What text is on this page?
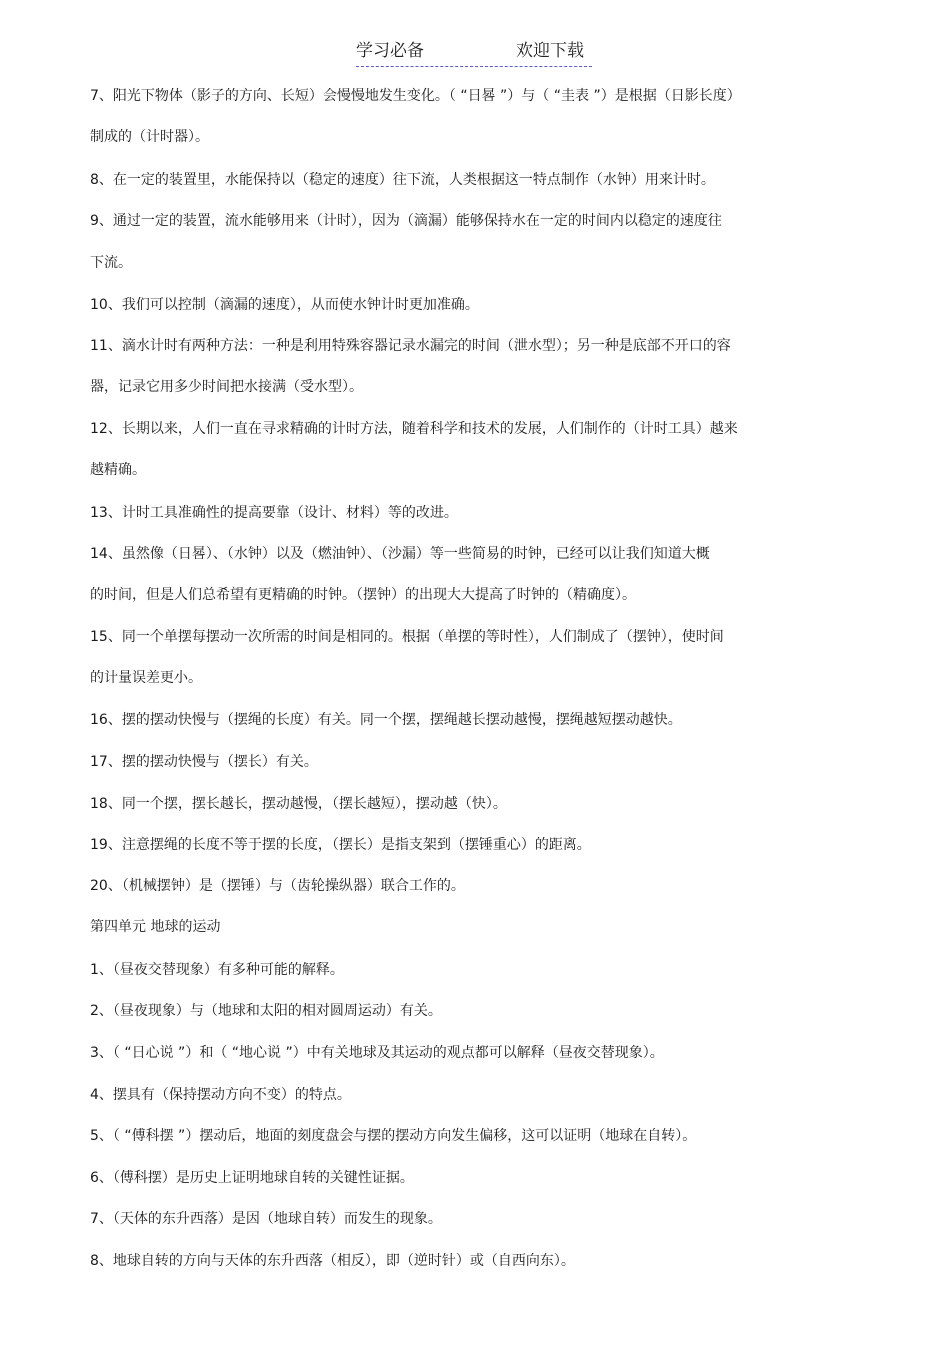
学习必备	欢迎下载

7、阳光下物体（影子的方向、长短）会慢慢地发生变化。（ “日晷 ”）与（ “圭表 ”）是根据（日影长度）

制成的（计时器）。

8、在一定的装置里，水能保持以（稳定的速度）往下流，人类根据这一特点制作（水钟）用来计时。

9、通过一定的装置，流水能够用来（计时），因为（滴漏）能够保持水在一定的时间内以稳定的速度往

下流。

10、我们可以控制（滴漏的速度），从而使水钟计时更加准确。

11、滴水计时有两种方法：一种是利用特殊容器记录水漏完的时间（泄水型）；另一种是底部不开口的容

器，记录它用多少时间把水接满（受水型）。

12、长期以来，人们一直在寻求精确的计时方法，随着科学和技术的发展，人们制作的（计时工具）越来

越精确。

13、计时工具准确性的提高要靠（设计、材料）等的改进。

14、虽然像（日晷）、（水钟）以及（燃油钟）、（沙漏）等一些简易的时钟，已经可以让我们知道大概

的时间，但是人们总希望有更精确的时钟。（摆钟）的出现大大提高了时钟的（精确度）。

15、同一个单摆每摆动一次所需的时间是相同的。根据（单摆的等时性），人们制成了（摆钟），使时间

的计量误差更小。

16、摆的摆动快慢与（摆绳的长度）有关。同一个摆，摆绳越长摆动越慢，摆绳越短摆动越快。

17、摆的摆动快慢与（摆长）有关。

18、同一个摆，摆长越长，摆动越慢，（摆长越短），摆动越（快）。

19、注意摆绳的长度不等于摆的长度，（摆长）是指支架到（摆锤重心）的距离。

20、（机械摆钟）是（摆锤）与（齿轮操纵器）联合工作的。

第四单元 地球的运动

1、（昼夜交替现象）有多种可能的解释。

2、（昼夜现象）与（地球和太阳的相对圆周运动）有关。

3、（ “日心说 ”）和（ “地心说 ”）中有关地球及其运动的观点都可以解释（昼夜交替现象）。

4、摆具有（保持摆动方向不变）的特点。

5、（ “傅科摆 ”）摆动后，地面的刻度盘会与摆的摆动方向发生偏移，这可以证明（地球在自转）。

6、（傅科摆）是历史上证明地球自转的关键性证据。

7、（天体的东升西落）是因（地球自转）而发生的现象。

8、地球自转的方向与天体的东升西落（相反），即（逆时针）或（自西向东）。
